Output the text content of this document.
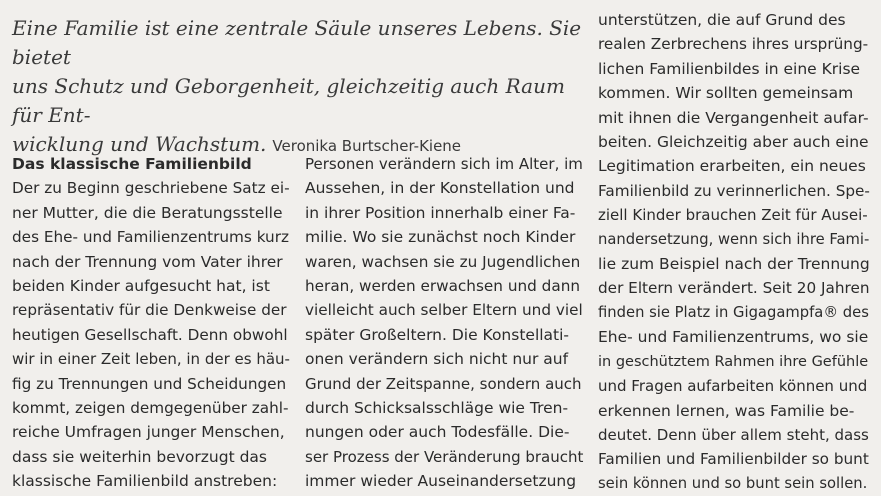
Eine Familie ist eine zentrale Säule unseres Lebens. Sie bietet
uns Schutz und Geborgenheit, gleichzeitig auch Raum für Ent-
wicklung und Wachstum. Veronika Burtscher-Kiene
Das klassische Familienbild
Der zu Beginn geschriebene Satz ei-
ner Mutter, die die Beratungsstelle
des Ehe- und Familienzentrums kurz
nach der Trennung vom Vater ihrer
beiden Kinder aufgesucht hat, ist
repräsentativ für die Denkweise der
heutigen Gesellschaft. Denn obwohl
wir in einer Zeit leben, in der es häu-
fig zu Trennungen und Scheidungen
kommt, zeigen demgegenüber zahl-
reiche Umfragen junger Menschen,
dass sie weiterhin bevorzugt das
klassische Familienbild anstreben:
Personen verändern sich im Alter, im
Aussehen, in der Konstellation und
in ihrer Position innerhalb einer Fa-
milie. Wo sie zunächst noch Kinder
waren, wachsen sie zu Jugendlichen
heran, werden erwachsen und dann
vielleicht auch selber Eltern und viel
später Großeltern. Die Konstellati-
onen verändern sich nicht nur auf
Grund der Zeitspanne, sondern auch
durch Schicksalsschläge wie Tren-
nungen oder auch Todesfälle. Die-
ser Prozess der Veränderung braucht
immer wieder Auseinandersetzung
unterstützen, die auf Grund des
realen Zerbrechens ihres ursprüng-
lichen Familienbildes in eine Krise
kommen. Wir sollten gemeinsam
mit ihnen die Vergangenheit aufar-
beiten. Gleichzeitig aber auch eine
Legitimation erarbeiten, ein neues
Familienbild zu verinnerlichen. Spe-
ziell Kinder brauchen Zeit für Ausei-
nandersetzung, wenn sich ihre Fami-
lie zum Beispiel nach der Trennung
der Eltern verändert. Seit 20 Jahren
finden sie Platz in Gigagampfa® des
Ehe- und Familienzentrums, wo sie
in geschütztem Rahmen ihre Gefühle
und Fragen aufarbeiten können und
erkennen lernen, was Familie be-
deutet. Denn über allem steht, dass
Familien und Familienbilder so bunt
sein können und so bunt sein sollen.
